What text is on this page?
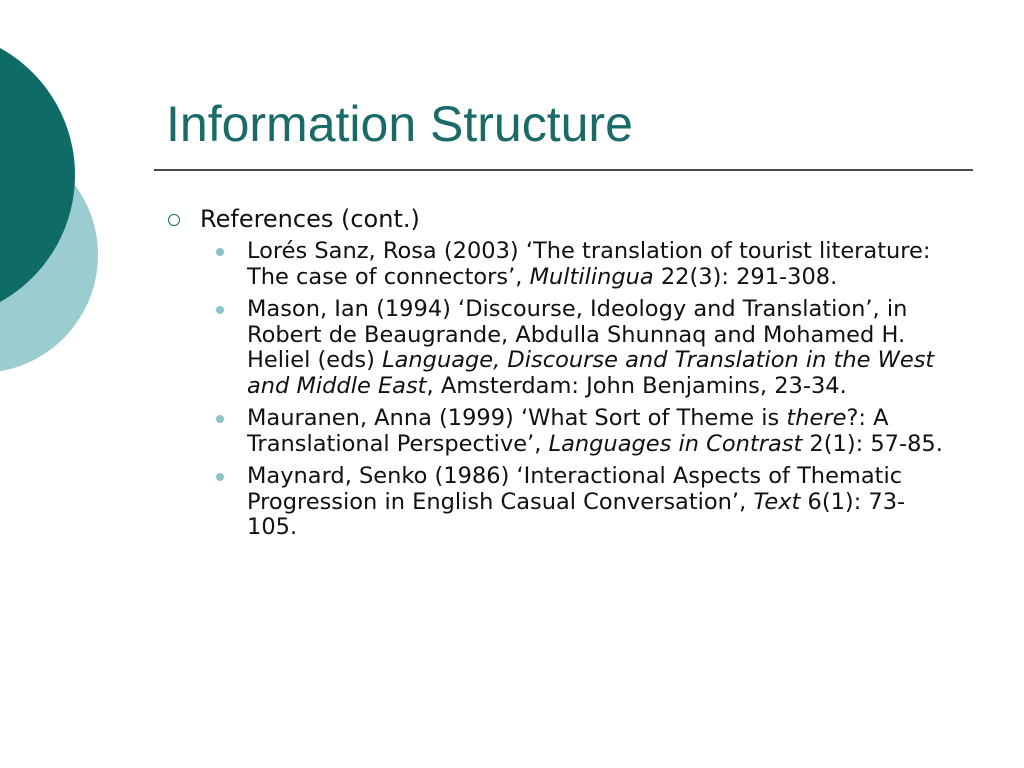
Information Structure
References (cont.)
Lorés Sanz, Rosa (2003) ‘The translation of tourist literature: The case of connectors’, Multilingua 22(3): 291-308.
Mason, Ian (1994) ‘Discourse, Ideology and Translation’, in Robert de Beaugrande, Abdulla Shunnaq and Mohamed H. Heliel (eds) Language, Discourse and Translation in the West and Middle East, Amsterdam: John Benjamins, 23-34.
Mauranen, Anna (1999) ‘What Sort of Theme is there?: A Translational Perspective’, Languages in Contrast 2(1): 57-85.
Maynard, Senko (1986) ‘Interactional Aspects of Thematic Progression in English Casual Conversation’, Text 6(1): 73-105.
